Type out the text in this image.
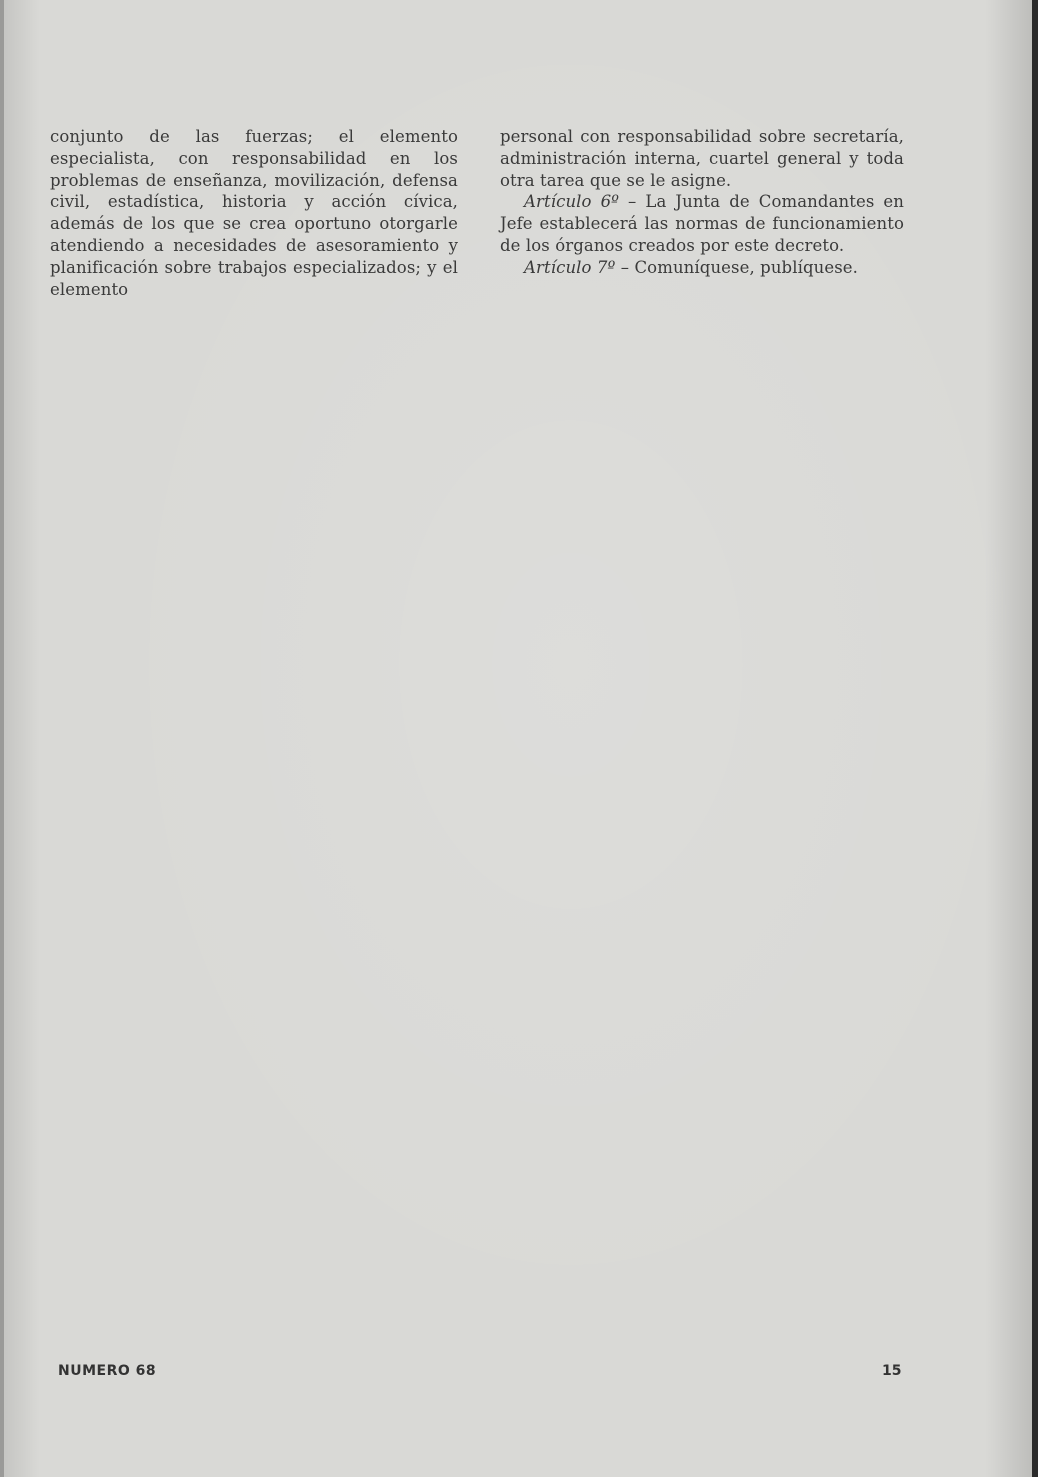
conjunto de las fuerzas; el elemento especialista, con responsabilidad en los problemas de enseñanza, movilización, defensa civil, estadística, historia y acción cívica, además de los que se crea oportuno otorgarle atendiendo a necesidades de asesoramiento y planificación sobre trabajos especializados; y el elemento

personal con responsabilidad sobre secretaría, administración interna, cuartel general y toda otra tarea que se le asigne.

Artículo 6º – La Junta de Comandantes en Jefe establecerá las normas de funcionamiento de los órganos creados por este decreto.

Artículo 7º – Comuníquese, publíquese.

NUMERO 68	15
